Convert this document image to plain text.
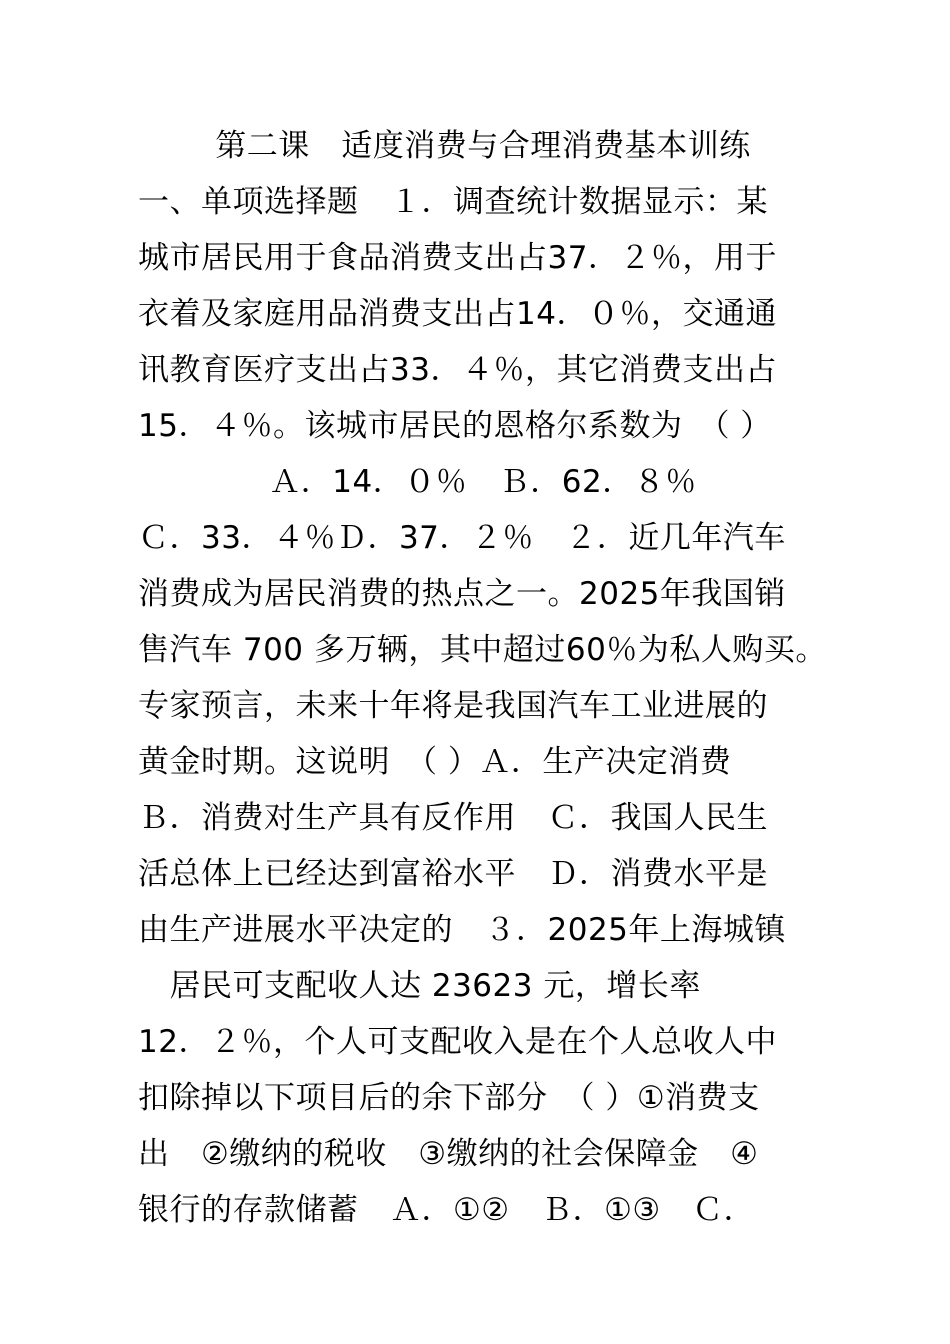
第二课　适度消费与合理消费基本训练
一、单项选择题　１．调查统计数据显示：某
城市居民用于食品消费支出占37．２％，用于
衣着及家庭用品消费支出占14．０％，交通通
讯教育医疗支出占33．４％，其它消费支出占
15．４％。该城市居民的恩格尔系数为　（ ）
Ａ．14．０％　Ｂ．62．８％
Ｃ．33．４％Ｄ．37．２％　２．近几年汽车
消费成为居民消费的热点之一。2025年我国销
售汽车 700 多万辆，其中超过60％为私人购买。
专家预言，未来十年将是我国汽车工业进展的
黄金时期。这说明　（ ）Ａ．生产决定消费
Ｂ．消费对生产具有反作用　Ｃ．我国人民生
活总体上已经达到富裕水平　Ｄ．消费水平是
由生产进展水平决定的　３．2025年上海城镇
　居民可支配收人达 23623 元，增长率
12．２％，个人可支配收入是在个人总收人中
扣除掉以下项目后的余下部分　（ ）①消费支
出　②缴纳的税收　③缴纳的社会保障金　④
银行的存款储蓄　Ａ．①②　Ｂ．①③　Ｃ．
